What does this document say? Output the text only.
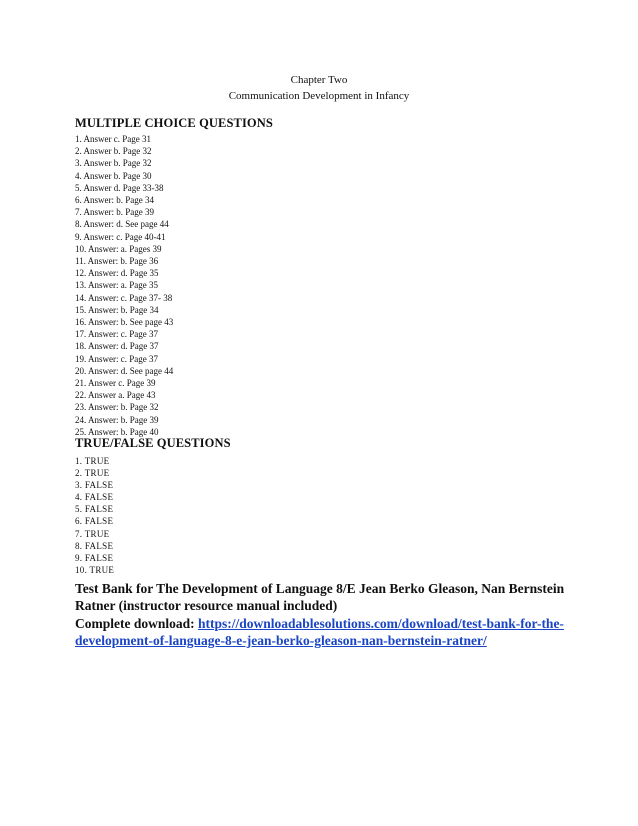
Chapter Two
Communication Development in Infancy
MULTIPLE CHOICE QUESTIONS
1. Answer c. Page 31
2. Answer b. Page 32
3. Answer b. Page 32
4. Answer b. Page 30
5. Answer d. Page 33-38
6. Answer: b. Page 34
7. Answer: b. Page 39
8. Answer: d. See page 44
9. Answer: c. Page 40-41
10. Answer: a. Pages 39
11. Answer: b. Page 36
12. Answer: d. Page 35
13. Answer: a. Page 35
14. Answer: c. Page 37- 38
15. Answer: b. Page 34
16. Answer: b. See page 43
17. Answer: c. Page 37
18. Answer: d. Page 37
19. Answer: c. Page 37
20. Answer: d. See page 44
21. Answer c. Page 39
22. Answer a. Page 43
23. Answer: b. Page 32
24. Answer: b. Page 39
25. Answer: b. Page 40
TRUE/FALSE QUESTIONS
1. TRUE
2. TRUE
3. FALSE
4. FALSE
5. FALSE
6. FALSE
7. TRUE
8. FALSE
9. FALSE
10. TRUE
Test Bank for The Development of Language 8/E Jean Berko Gleason, Nan Bernstein Ratner (instructor resource manual included)
Complete download: https://downloadablesolutions.com/download/test-bank-for-the-development-of-language-8-e-jean-berko-gleason-nan-bernstein-ratner/
